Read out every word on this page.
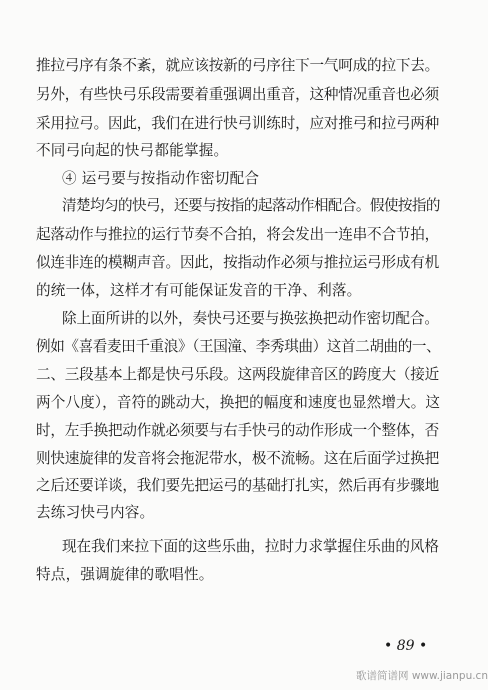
推拉弓序有条不紊，就应该按新的弓序往下一气呵成的拉下去。
另外，有些快弓乐段需要着重强调出重音，这种情况重音也必须
采用拉弓。因此，我们在进行快弓训练时，应对推弓和拉弓两种
不同弓向起的快弓都能掌握。
④ 运弓要与按指动作密切配合
清楚均匀的快弓，还要与按指的起落动作相配合。假使按指的
起落动作与推拉的运行节奏不合拍，将会发出一连串不合节拍，
似连非连的模糊声音。因此，按指动作必须与推拉运弓形成有机
的统一体，这样才有可能保证发音的干净、利落。
除上面所讲的以外，奏快弓还要与换弦换把动作密切配合。
例如《喜看麦田千重浪》（王国潼、李秀琪曲）这首二胡曲的一、
二、三段基本上都是快弓乐段。这两段旋律音区的跨度大（接近
两个八度），音符的跳动大，换把的幅度和速度也显然增大。这
时，左手换把动作就必须要与右手快弓的动作形成一个整体，否
则快速旋律的发音将会拖泥带水，极不流畅。这在后面学过换把
之后还要详谈，我们要先把运弓的基础打扎实，然后再有步骤地
去练习快弓内容。
现在我们来拉下面的这些乐曲，拉时力求掌握住乐曲的风格
特点，强调旋律的歌唱性。
• 89 •
歌谱简谱网 www.jianpu.cn
